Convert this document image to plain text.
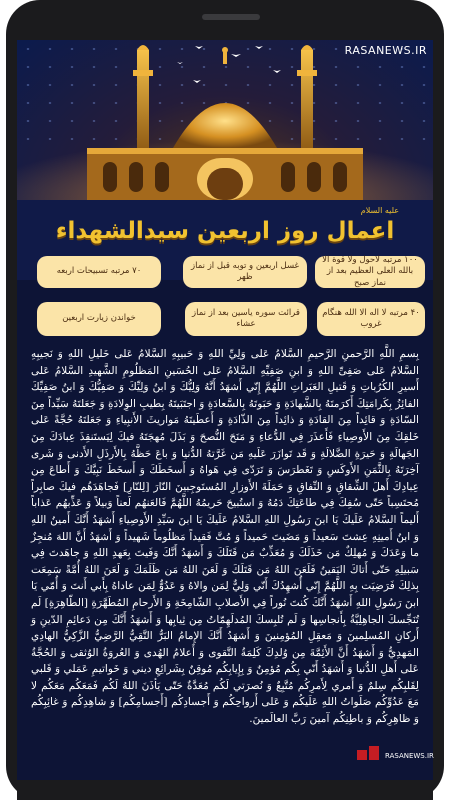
RASANEWS.IR
علیه السلام
اعمال روز اربعین سیدالشهداء
۱۰۰ مرتبه لاحول ولا قوة الا بالله العلی العظیم بعد از نماز صبح
غسل اربعین و توبه قبل از نماز ظهر
۷۰ مرتبه تسبیحات اربعه
۴۰ مرتبه لا اله الا الله هنگام غروب
قرائت سوره یاسین بعد از نماز عشاء
خواندن زیارت اربعین
بِسمِ اللَّهِ الرَّحمنِ الرَّحیمِ السَّلامُ عَلى وَلِيِّ اللهِ وَ حَبیبِهِ السَّلامُ عَلى خَلیلِ اللهِ وَ نَجیبِهِ السَّلامُ عَلى صَفِیِّ اللهِ وَ ابنِ صَفِیِّهِ السَّلامُ عَلى الحُسَینِ المَظلُومِ الشَّهیدِ السَّلامُ عَلى أَسیرِ الكُرُباتِ وَ قَتیلِ العَبَراتِ اللَّهُمَّ إِنّي أَشهَدُ أَنَّهُ وَلِیُّكَ وَ ابنُ وَلِیِّكَ وَ صَفِیُّكَ وَ ابنُ صَفِیِّكَ الفائِزُ بِكَرامَتِكَ أَكرَمتَهُ بِالشَّهادَةِ وَ حَبَوتَهُ بِالسَّعادَةِ وَ اجتَبَیتَهُ بِطیبِ الوِلادَةِ وَ جَعَلتَهُ سَیِّداً مِنَ السّادَةِ وَ قائِداً مِنَ القادَةِ وَ ذائِداً مِنَ الذّادَةِ وَ أَعطَیتَهُ مَواریثَ الأَنبِیاءِ وَ جَعَلتَهُ حُجَّةً عَلى خَلقِكَ مِنَ الأَوصِیاءِ فَأَعذَرَ فِي الدُّعاءِ وَ مَنَحَ النُّصحَ وَ بَذَلَ مُهجَتَهُ فیكَ لِیَستَنقِذَ عِبادَكَ مِنَ الجَهالَةِ وَ حَیرَةِ الضَّلالَةِ وَ قَد تَوازَرَ عَلَیهِ مَن غَرَّتهُ الدُّنیا وَ باعَ حَظَّهُ بِالأَرذَلِ الأَدنى وَ شَرى آخِرَتَهُ بِالثَّمَنِ الأَوكَسِ وَ تَغَطرَسَ وَ تَرَدّى فِي هَواهُ وَ أَسخَطَكَ وَ أَسخَطَ نَبِیَّكَ وَ أَطاعَ مِن عِبادِكَ أَهلَ الشِّقاقِ وَ النِّفاقِ وَ حَمَلَةَ الأَوزارِ المُستَوجِبینَ النّارَ [لِلنّارِ] فَجاهَدَهُم فیكَ صابِراً مُحتَسِباً حَتّى سُفِكَ فِي طاعَتِكَ دَمُهُ وَ استُبیحَ حَریمُهُ اللَّهُمَّ فَالعَنهُم لَعناً وَبیلاً وَ عَذِّبهُم عَذاباً أَلیماً السَّلامُ عَلَیكَ یَا ابنَ رَسُولِ اللهِ السَّلامُ عَلَیكَ یَا ابنَ سَیِّدِ الأَوصِیاءِ أَشهَدُ أَنَّكَ أَمینُ اللهِ وَ ابنُ أَمینِهِ عِشتَ سَعیداً وَ مَضَیتَ حَمیداً وَ مُتَّ فَقیداً مَظلُوماً شَهیداً وَ أَشهَدُ أَنَّ اللهَ مُنجِزٌ ما وَعَدَكَ وَ مُهلِكٌ مَن خَذَلَكَ وَ مُعَذِّبٌ مَن قَتَلَكَ وَ أَشهَدُ أَنَّكَ وَفَیتَ بِعَهدِ اللهِ وَ جاهَدتَ فِي سَبیلِهِ حَتّى أَتاكَ الیَقینُ فَلَعَنَ اللهُ مَن قَتَلَكَ وَ لَعَنَ اللهُ مَن ظَلَمَكَ وَ لَعَنَ اللهُ أُمَّةً سَمِعَت بِذلِكَ فَرَضِیَت بِهِ اللَّهُمَّ إِنّي أُشهِدُكَ أَنّي وَلِيٌّ لِمَن والاهُ وَ عَدُوٌّ لِمَن عاداهُ بِأَبي أَنتَ وَ أُمّي یَا ابنَ رَسُولِ اللهِ أَشهَدُ أَنَّكَ كُنتَ نُوراً فِي الأَصلابِ الشّامِخَةِ وَ الأَرحامِ المُطَهَّرَةِ [الطّاهِرَةِ] لَم تُنَجِّسكَ الجاهِلِیَّةُ بِأَنجاسِها وَ لَم تُلبِسكَ المُدلَهِمّاتُ مِن ثِیابِها وَ أَشهَدُ أَنَّكَ مِن دَعائِمِ الدّینِ وَ أَركانِ المُسلِمینَ وَ مَعقِلِ المُؤمِنینَ وَ أَشهَدُ أَنَّكَ الإِمامُ البَرُّ التَّقِيُّ الرَّضِيُّ الزَّكِيُّ الهادِي المَهدِيُّ وَ أَشهَدُ أَنَّ الأَئِمَّةَ مِن وُلدِكَ كَلِمَةُ التَّقوى وَ أَعلامُ الهُدى وَ العُروَةُ الوُثقى وَ الحُجَّةُ عَلى أَهلِ الدُّنیا وَ أَشهَدُ أَنّي بِكُم مُؤمِنٌ وَ بِإِیابِكُم مُوقِنٌ بِشَرائِعِ دیني وَ خَواتیمِ عَمَلي وَ قَلبي لِقَلبِكُم سِلمٌ وَ أَمري لِأَمرِكُم مُتَّبِعٌ وَ نُصرَتي لَكُم مُعَدَّةٌ حَتّى یَأذَنَ اللهُ لَكُم فَمَعَكُم مَعَكُم لا مَعَ عَدُوِّكُم صَلَواتُ اللهِ عَلَیكُم وَ عَلى أَرواحِكُم وَ أَجسادِكُم [أَجسامِكُم] وَ شاهِدِكُم وَ غائِبِكُم وَ ظاهِرِكُم وَ باطِنِكُم آمینَ رَبَّ العالَمینَ.
RASANEWS.IR
